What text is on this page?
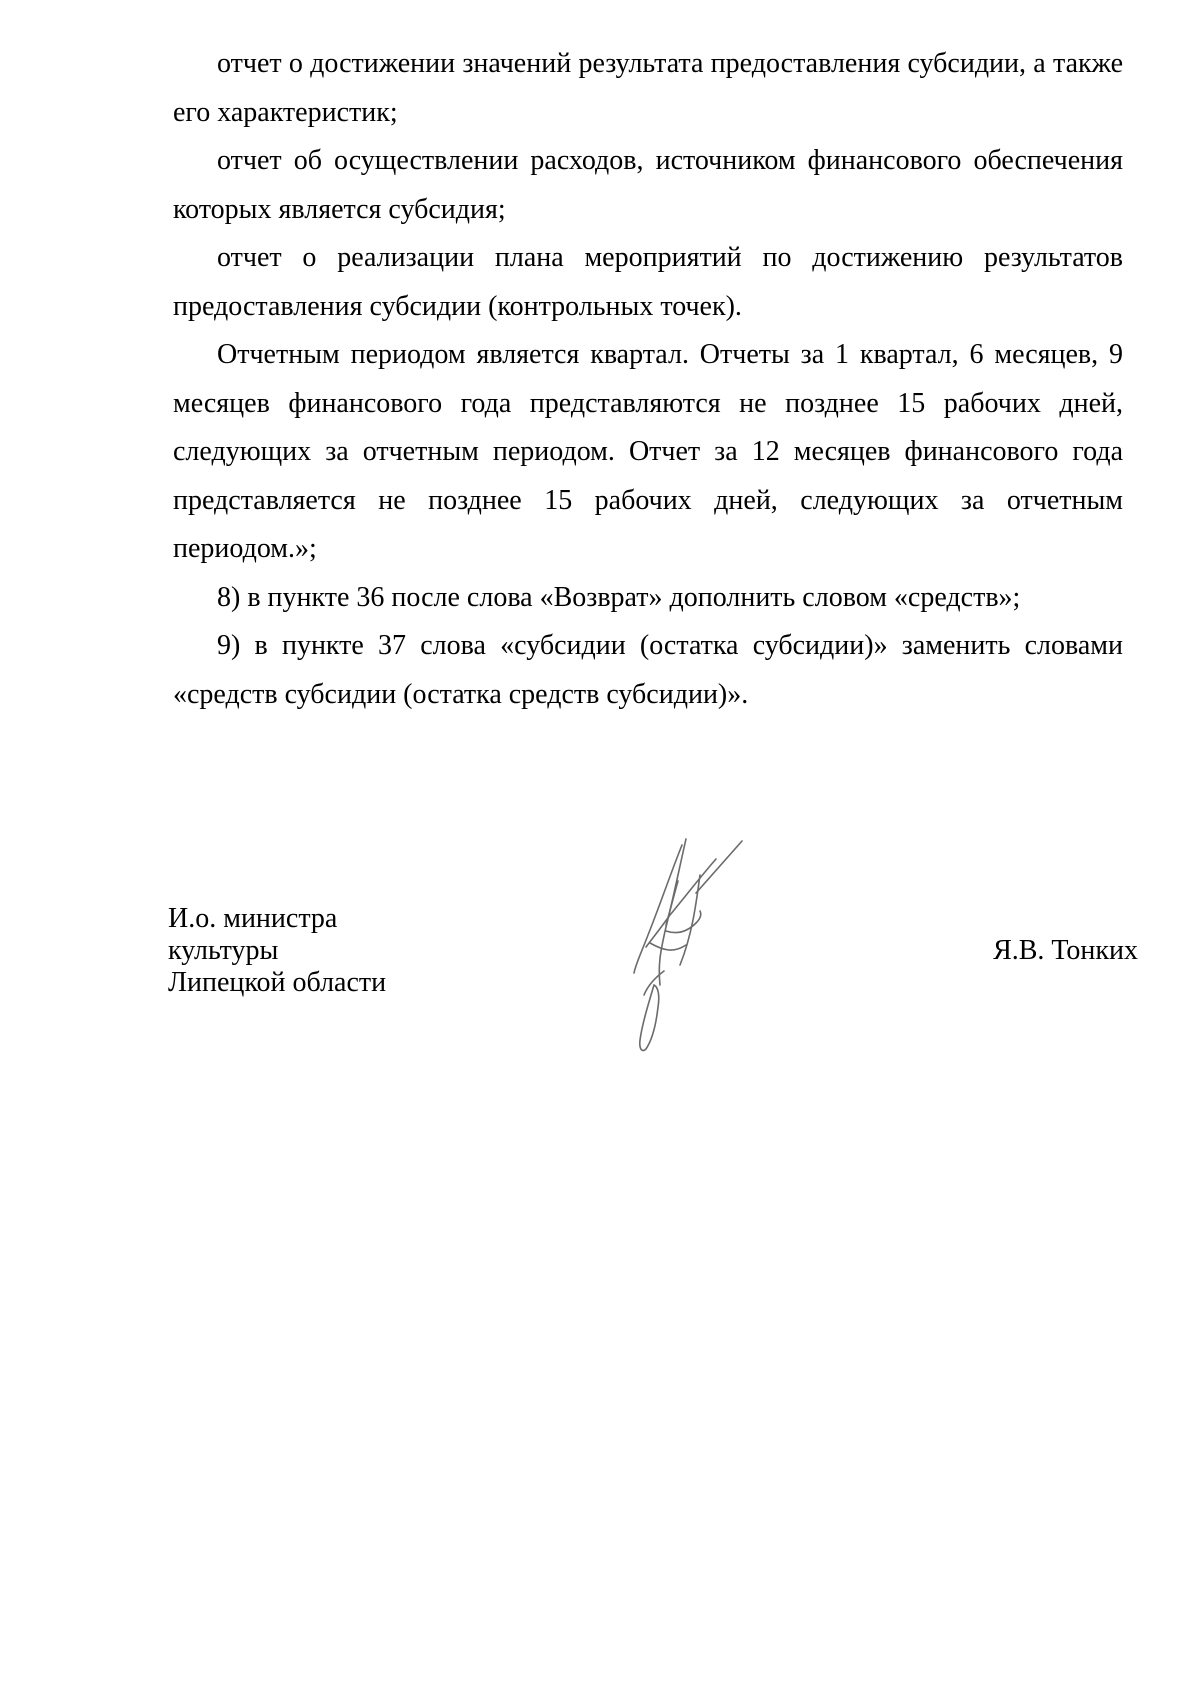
отчет о достижении значений результата предоставления субсидии, а также его характеристик;

отчет об осуществлении расходов, источником финансового обеспечения которых является субсидия;

отчет о реализации плана мероприятий по достижению результатов предоставления субсидии (контрольных точек).

Отчетным периодом является квартал. Отчеты за 1 квартал, 6 месяцев, 9 месяцев финансового года представляются не позднее 15 рабочих дней, следующих за отчетным периодом. Отчет за 12 месяцев финансового года представляется не позднее 15 рабочих дней, следующих за отчетным периодом.»;

8) в пункте 36 после слова «Возврат» дополнить словом «средств»;

9) в пункте 37 слова «субсидии (остатка субсидии)» заменить словами «средств субсидии (остатка средств субсидии)».

И.о. министра
культуры
Липецкой области
Я.В. Тонких
